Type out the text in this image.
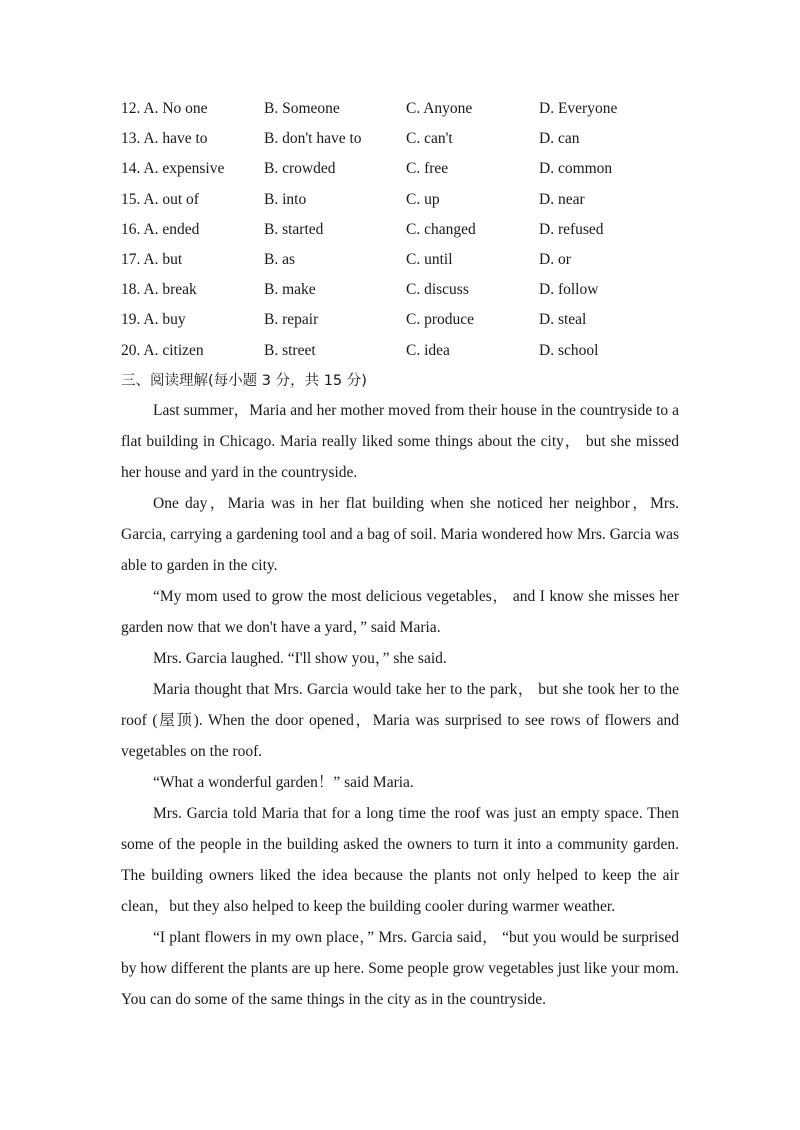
12. A. No one	B. Someone	C. Anyone	D. Everyone
13. A. have to	B. don't have to	C. can't	D. can
14. A. expensive	B. crowded	C. free	D. common
15. A. out of	B. into	C. up	D. near
16. A. ended	B. started	C. changed	D. refused
17. A. but	B. as	C. until	D. or
18. A. break	B. make	C. discuss	D. follow
19. A. buy	B. repair	C. produce	D. steal
20. A. citizen	B. street	C. idea	D. school
三、阅读理解(每小题 3 分，共 15 分)

Last summer，Maria and her mother moved from their house in the countryside to a flat building in Chicago. Maria really liked some things about the city， but she missed her house and yard in the countryside.

One day，Maria was in her flat building when she noticed her neighbor，Mrs. Garcia, carrying a gardening tool and a bag of soil. Maria wondered how Mrs. Garcia was able to garden in the city.

“My mom used to grow the most delicious vegetables， and I know she misses her garden now that we don't have a yard，” said Maria.

Mrs. Garcia laughed. “I'll show you，” she said.

Maria thought that Mrs. Garcia would take her to the park， but she took her to the roof (屋顶). When the door opened，Maria was surprised to see rows of flowers and vegetables on the roof.

“What a wonderful garden！” said Maria.

Mrs. Garcia told Maria that for a long time the roof was just an empty space. Then some of the people in the building asked the owners to turn it into a community garden. The building owners liked the idea because the plants not only helped to keep the air clean，but they also helped to keep the building cooler during warmer weather.

“I plant flowers in my own place，” Mrs. Garcia said， “but you would be surprised by how different the plants are up here. Some people grow vegetables just like your mom. You can do some of the same things in the city as in the countryside.
